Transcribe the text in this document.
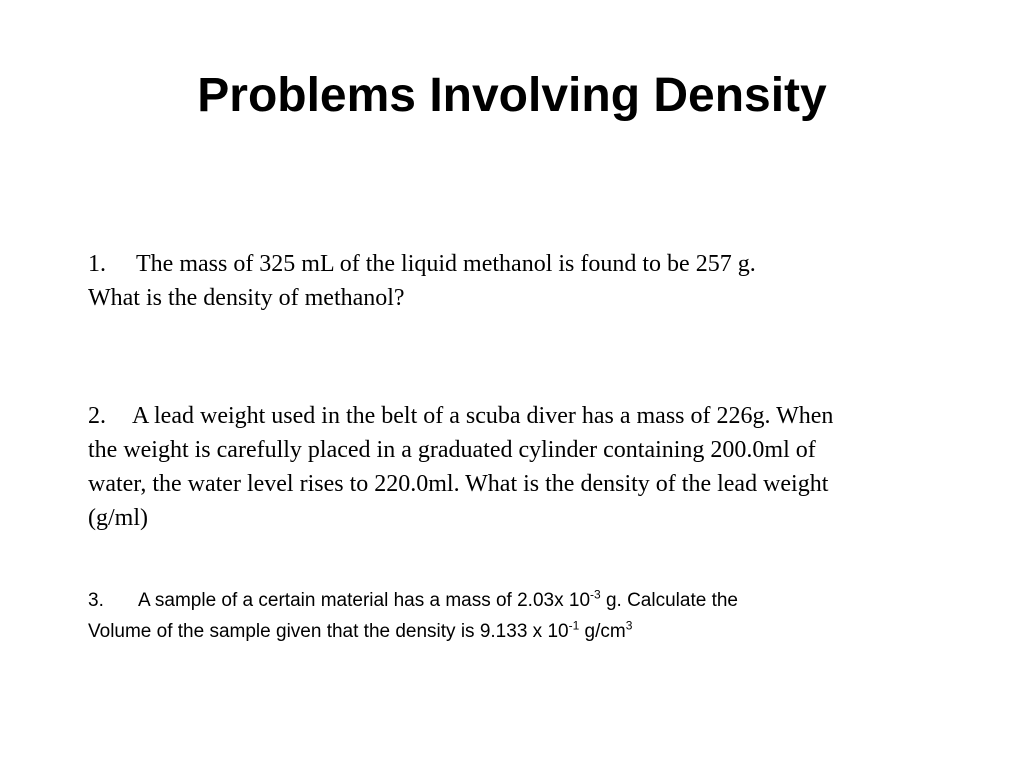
Problems Involving Density

1. The mass of 325 mL of the liquid methanol is found to be 257 g.

What is the density of methanol?

2. A lead weight used in the belt of a scuba diver has a mass of 226g. When

the weight is carefully placed in a graduated cylinder containing 200.0ml of

water, the water level rises to 220.0ml. What is the density of the lead weight

(g/ml)

3. A sample of a certain material has a mass of 2.03x $10^{-3}$ g. Calculate the

Volume of the sample given that the density is 9.133 x $10^{-1}$ $g/cm^3$
